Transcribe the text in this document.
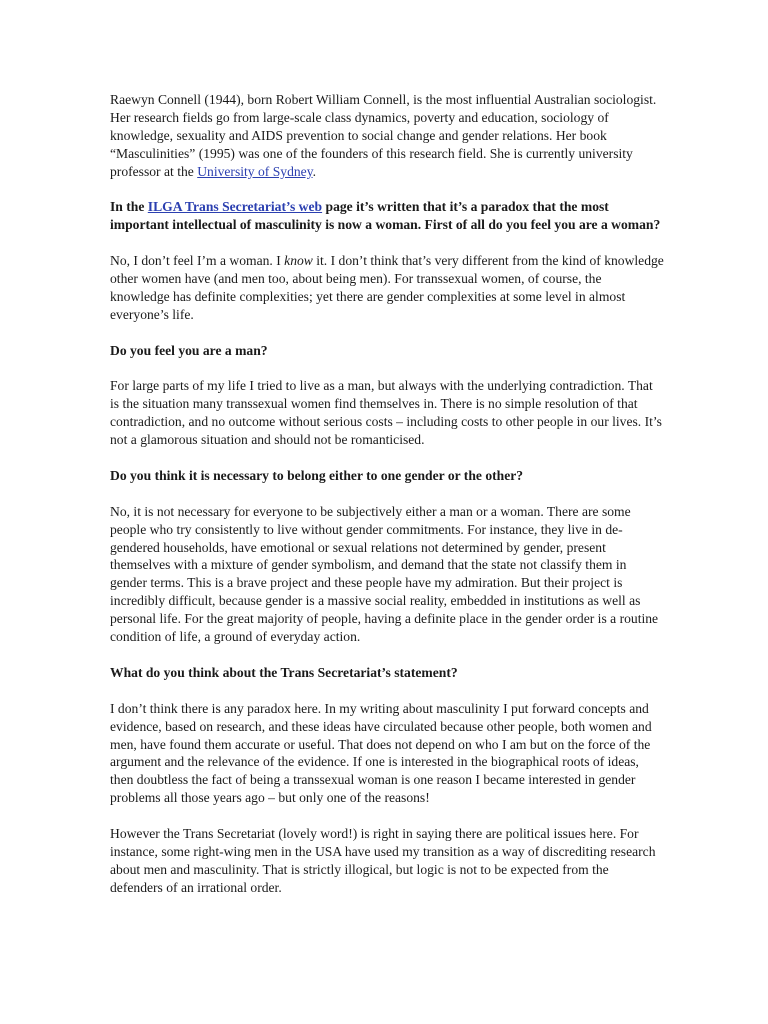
Raewyn Connell (1944), born Robert William Connell, is the most influential Australian sociologist. Her research fields go from large-scale class dynamics, poverty and education, sociology of knowledge, sexuality and AIDS prevention to social change and gender relations. Her book “Masculinities” (1995) was one of the founders of this research field. She is currently university professor at the University of Sydney.

In the ILGA Trans Secretariat’s web page it’s written that it’s a paradox that the most important intellectual of masculinity is now a woman. First of all do you feel you are a woman?

No, I don’t feel I’m a woman. I know it. I don’t think that’s very different from the kind of knowledge other women have (and men too, about being men). For transsexual women, of course, the knowledge has definite complexities; yet there are gender complexities at some level in almost everyone’s life.

Do you feel you are a man?

For large parts of my life I tried to live as a man, but always with the underlying contradiction. That is the situation many transsexual women find themselves in. There is no simple resolution of that contradiction, and no outcome without serious costs – including costs to other people in our lives. It’s not a glamorous situation and should not be romanticised.

Do you think it is necessary to belong either to one gender or the other?

No, it is not necessary for everyone to be subjectively either a man or a woman. There are some people who try consistently to live without gender commitments. For instance, they live in de-gendered households, have emotional or sexual relations not determined by gender, present themselves with a mixture of gender symbolism, and demand that the state not classify them in gender terms. This is a brave project and these people have my admiration. But their project is incredibly difficult, because gender is a massive social reality, embedded in institutions as well as personal life. For the great majority of people, having a definite place in the gender order is a routine condition of life, a ground of everyday action.

What do you think about the Trans Secretariat’s statement?

I don’t think there is any paradox here. In my writing about masculinity I put forward concepts and evidence, based on research, and these ideas have circulated because other people, both women and men, have found them accurate or useful. That does not depend on who I am but on the force of the argument and the relevance of the evidence. If one is interested in the biographical roots of ideas, then doubtless the fact of being a transsexual woman is one reason I became interested in gender problems all those years ago – but only one of the reasons!

However the Trans Secretariat (lovely word!) is right in saying there are political issues here. For instance, some right-wing men in the USA have used my transition as a way of discrediting research about men and masculinity. That is strictly illogical, but logic is not to be expected from the defenders of an irrational order.
